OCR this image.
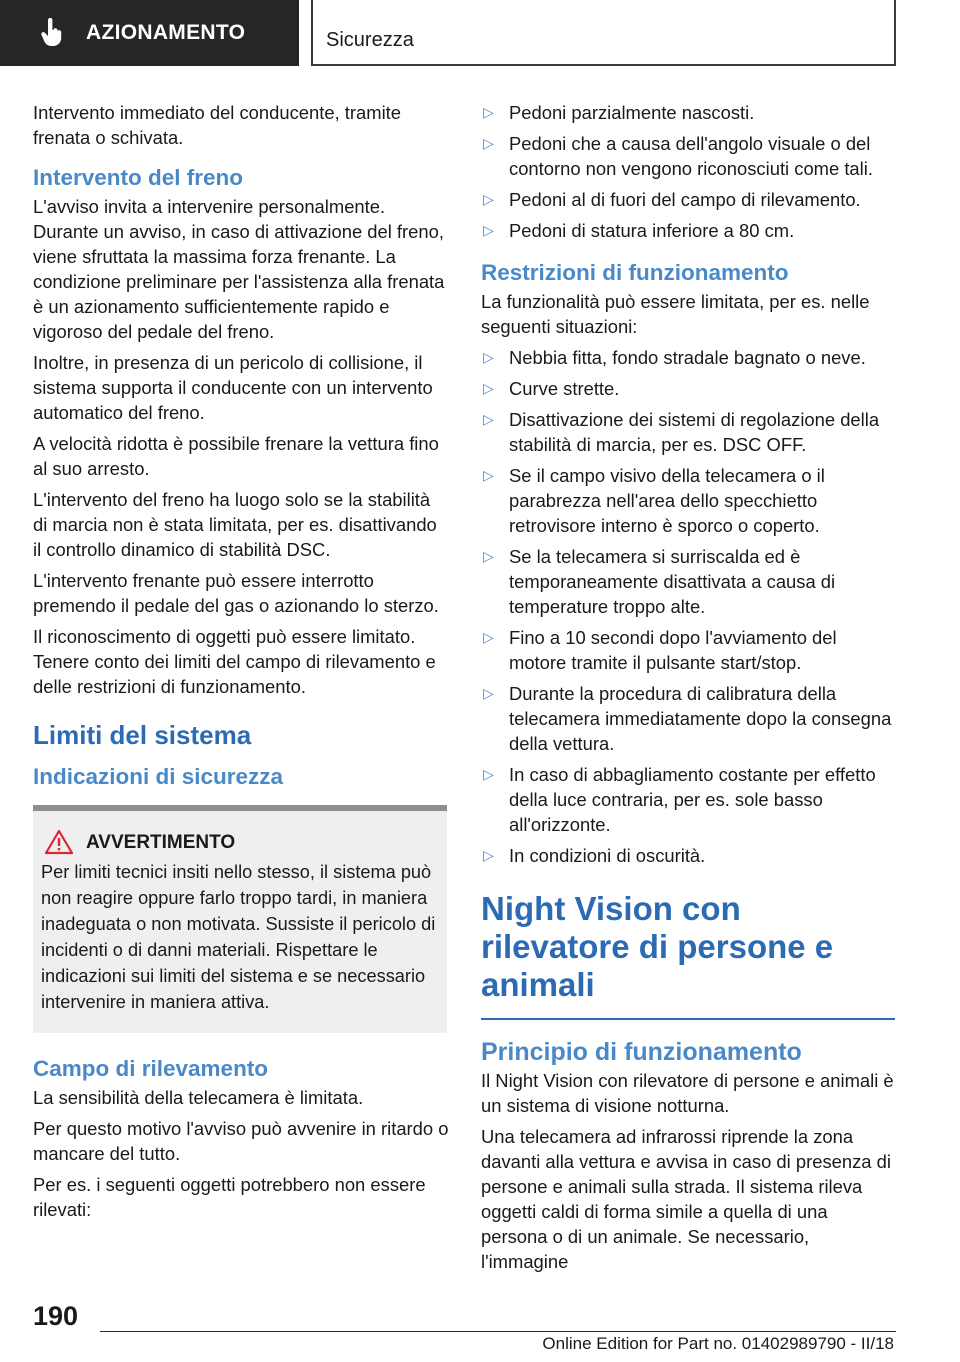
AZIONAMENTO	Sicurezza

Intervento immediato del conducente, tramite frenata o schivata.

Intervento del freno

L'avviso invita a intervenire personalmente. Durante un avviso, in caso di attivazione del freno, viene sfruttata la massima forza frenante. La condizione preliminare per l'assistenza alla frenata è un azionamento sufficientemente rapido e vigoroso del pedale del freno.

Inoltre, in presenza di un pericolo di collisione, il sistema supporta il conducente con un intervento automatico del freno.

A velocità ridotta è possibile frenare la vettura fino al suo arresto.

L'intervento del freno ha luogo solo se la stabilità di marcia non è stata limitata, per es. disattivando il controllo dinamico di stabilità DSC.

L'intervento frenante può essere interrotto premendo il pedale del gas o azionando lo sterzo.

Il riconoscimento di oggetti può essere limitato. Tenere conto dei limiti del campo di rilevamento e delle restrizioni di funzionamento.

Limiti del sistema
Indicazioni di sicurezza
AVVERTIMENTO

Per limiti tecnici insiti nello stesso, il sistema può non reagire oppure farlo troppo tardi, in maniera inadeguata o non motivata. Sussiste il pericolo di incidenti o di danni materiali. Rispettare le indicazioni sui limiti del sistema e se necessario intervenire in maniera attiva.

Campo di rilevamento

La sensibilità della telecamera è limitata.

Per questo motivo l'avviso può avvenire in ritardo o mancare del tutto.

Per es. i seguenti oggetti potrebbero non essere rilevati:

▷ Pedoni parzialmente nascosti.
▷ Pedoni che a causa dell'angolo visuale o del contorno non vengono riconosciuti come tali.
▷ Pedoni al di fuori del campo di rilevamento.
▷ Pedoni di statura inferiore a 80 cm.
Restrizioni di funzionamento

La funzionalità può essere limitata, per es. nelle seguenti situazioni:

▷ Nebbia fitta, fondo stradale bagnato o neve.
▷ Curve strette.
▷ Disattivazione dei sistemi di regolazione della stabilità di marcia, per es. DSC OFF.
▷ Se il campo visivo della telecamera o il parabrezza nell'area dello specchietto retrovisore interno è sporco o coperto.
▷ Se la telecamera si surriscalda ed è temporaneamente disattivata a causa di temperature troppo alte.
▷ Fino a 10 secondi dopo l'avviamento del motore tramite il pulsante start/stop.
▷ Durante la procedura di calibratura della telecamera immediatamente dopo la consegna della vettura.
▷ In caso di abbagliamento costante per effetto della luce contraria, per es. sole basso all'orizzonte.
▷ In condizioni di oscurità.
Night Vision con rilevatore di persone e animali
Principio di funzionamento

Il Night Vision con rilevatore di persone e animali è un sistema di visione notturna.

Una telecamera ad infrarossi riprende la zona davanti alla vettura e avvisa in caso di presenza di persone e animali sulla strada. Il sistema rileva oggetti caldi di forma simile a quella di una persona o di un animale. Se necessario, l'immagine

190
Online Edition for Part no. 01402989790 - II/18
